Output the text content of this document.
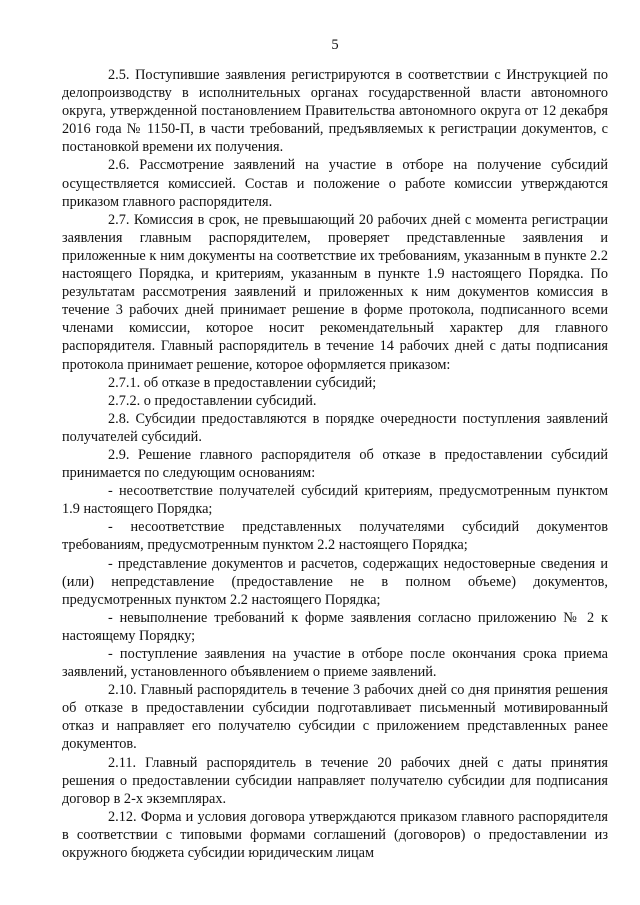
5

2.5. Поступившие заявления регистрируются в соответствии с Инструкцией по делопроизводству в исполнительных органах государственной власти автономного округа, утвержденной постановлением Правительства автономного округа от 12 декабря 2016 года № 1150-П, в части требований, предъявляемых к регистрации документов, с постановкой времени их получения.

2.6. Рассмотрение заявлений на участие в отборе на получение субсидий осуществляется комиссией. Состав и положение о работе комиссии утверждаются приказом главного распорядителя.

2.7. Комиссия в срок, не превышающий 20 рабочих дней с момента регистрации заявления главным распорядителем, проверяет представленные заявления и приложенные к ним документы на соответствие их требованиям, указанным в пункте 2.2 настоящего Порядка, и критериям, указанным в пункте 1.9 настоящего Порядка. По результатам рассмотрения заявлений и приложенных к ним документов комиссия в течение 3 рабочих дней принимает решение в форме протокола, подписанного всеми членами комиссии, которое носит рекомендательный характер для главного распорядителя. Главный распорядитель в течение 14 рабочих дней с даты подписания протокола принимает решение, которое оформляется приказом:

2.7.1. об отказе в предоставлении субсидий;

2.7.2. о предоставлении субсидий.

2.8. Субсидии предоставляются в порядке очередности поступления заявлений получателей субсидий.

2.9. Решение главного распорядителя об отказе в предоставлении субсидий принимается по следующим основаниям:

- несоответствие получателей субсидий критериям, предусмотренным пунктом 1.9 настоящего Порядка;

- несоответствие представленных получателями субсидий документов требованиям, предусмотренным пунктом 2.2 настоящего Порядка;

- представление документов и расчетов, содержащих недостоверные сведения и (или) непредставление (предоставление не в полном объеме) документов, предусмотренных пунктом 2.2 настоящего Порядка;

- невыполнение требований к форме заявления согласно приложению № 2 к настоящему Порядку;

- поступление заявления на участие в отборе после окончания срока приема заявлений, установленного объявлением о приеме заявлений.

2.10. Главный распорядитель в течение 3 рабочих дней со дня принятия решения об отказе в предоставлении субсидии подготавливает письменный мотивированный отказ и направляет его получателю субсидии с приложением представленных ранее документов.

2.11. Главный распорядитель в течение 20 рабочих дней с даты принятия решения о предоставлении субсидии направляет получателю субсидии для подписания договор в 2-х экземплярах.

2.12. Форма и условия договора утверждаются приказом главного распорядителя в соответствии с типовыми формами соглашений (договоров) о предоставлении из окружного бюджета субсидии юридическим лицам
